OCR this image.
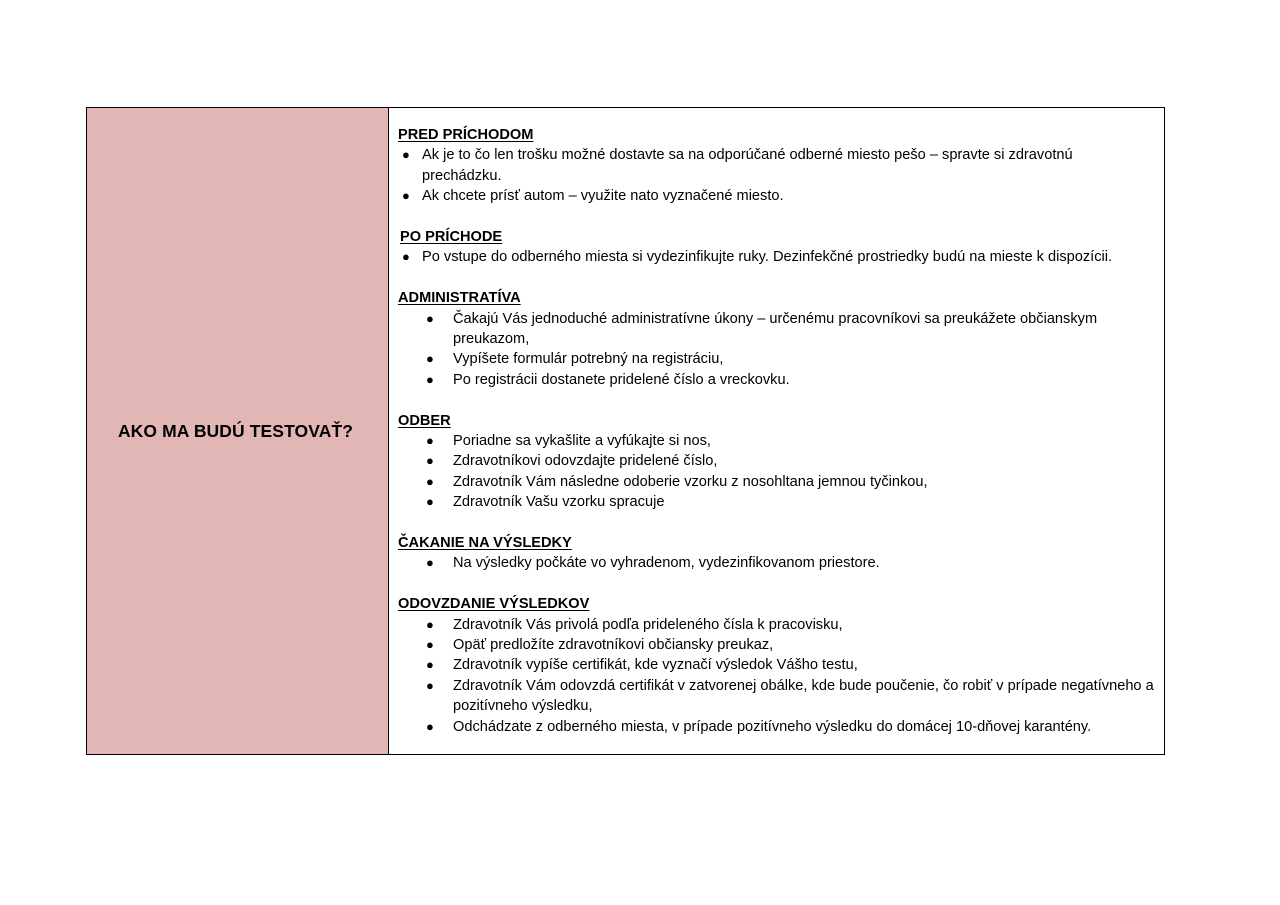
AKO MA BUDÚ TESTOVAŤ?
PRED PRÍCHODOM
● Ak je to čo len trošku možné dostavte sa na odporúčané odberné miesto pešo – spravte si zdravotnú prechádzku.
● Ak chcete prísť autom – využite nato vyznačené miesto.
PO PRÍCHODE
● Po vstupe do odberného miesta si vydezinfikujte ruky. Dezinfekčné prostriedky budú na mieste k dispozícii.
ADMINISTRATÍVA
● Čakajú Vás jednoduché administratívne úkony – určenému pracovníkovi sa preukážete občianskym preukazom,
● Vypíšete formulár potrebný na registráciu,
● Po registrácii dostanete pridelené číslo a vreckovku.
ODBER
● Poriadne sa vykašlite a vyfúkajte si nos,
● Zdravotníkovi odovzdajte pridelené číslo,
● Zdravotník Vám následne odoberie vzorku z nosohltana jemnou tyčinkou,
● Zdravotník Vašu vzorku spracuje
ČAKANIE NA VÝSLEDKY
● Na výsledky počkáte vo vyhradenom, vydezinfikovanom priestore.
ODOVZDANIE VÝSLEDKOV
● Zdravotník Vás privolá podľa prideleného čísla k pracovisku,
● Opäť predložíte zdravotníkovi občiansky preukaz,
● Zdravotník vypíše certifikát, kde vyznačí výsledok Vášho testu,
● Zdravotník Vám odovzdá certifikát v zatvorenej obálke, kde bude poučenie, čo robiť v prípade negatívneho a pozitívneho výsledku,
● Odchádzate z odberného miesta, v prípade pozitívneho výsledku do domácej 10-dňovej karantény.
